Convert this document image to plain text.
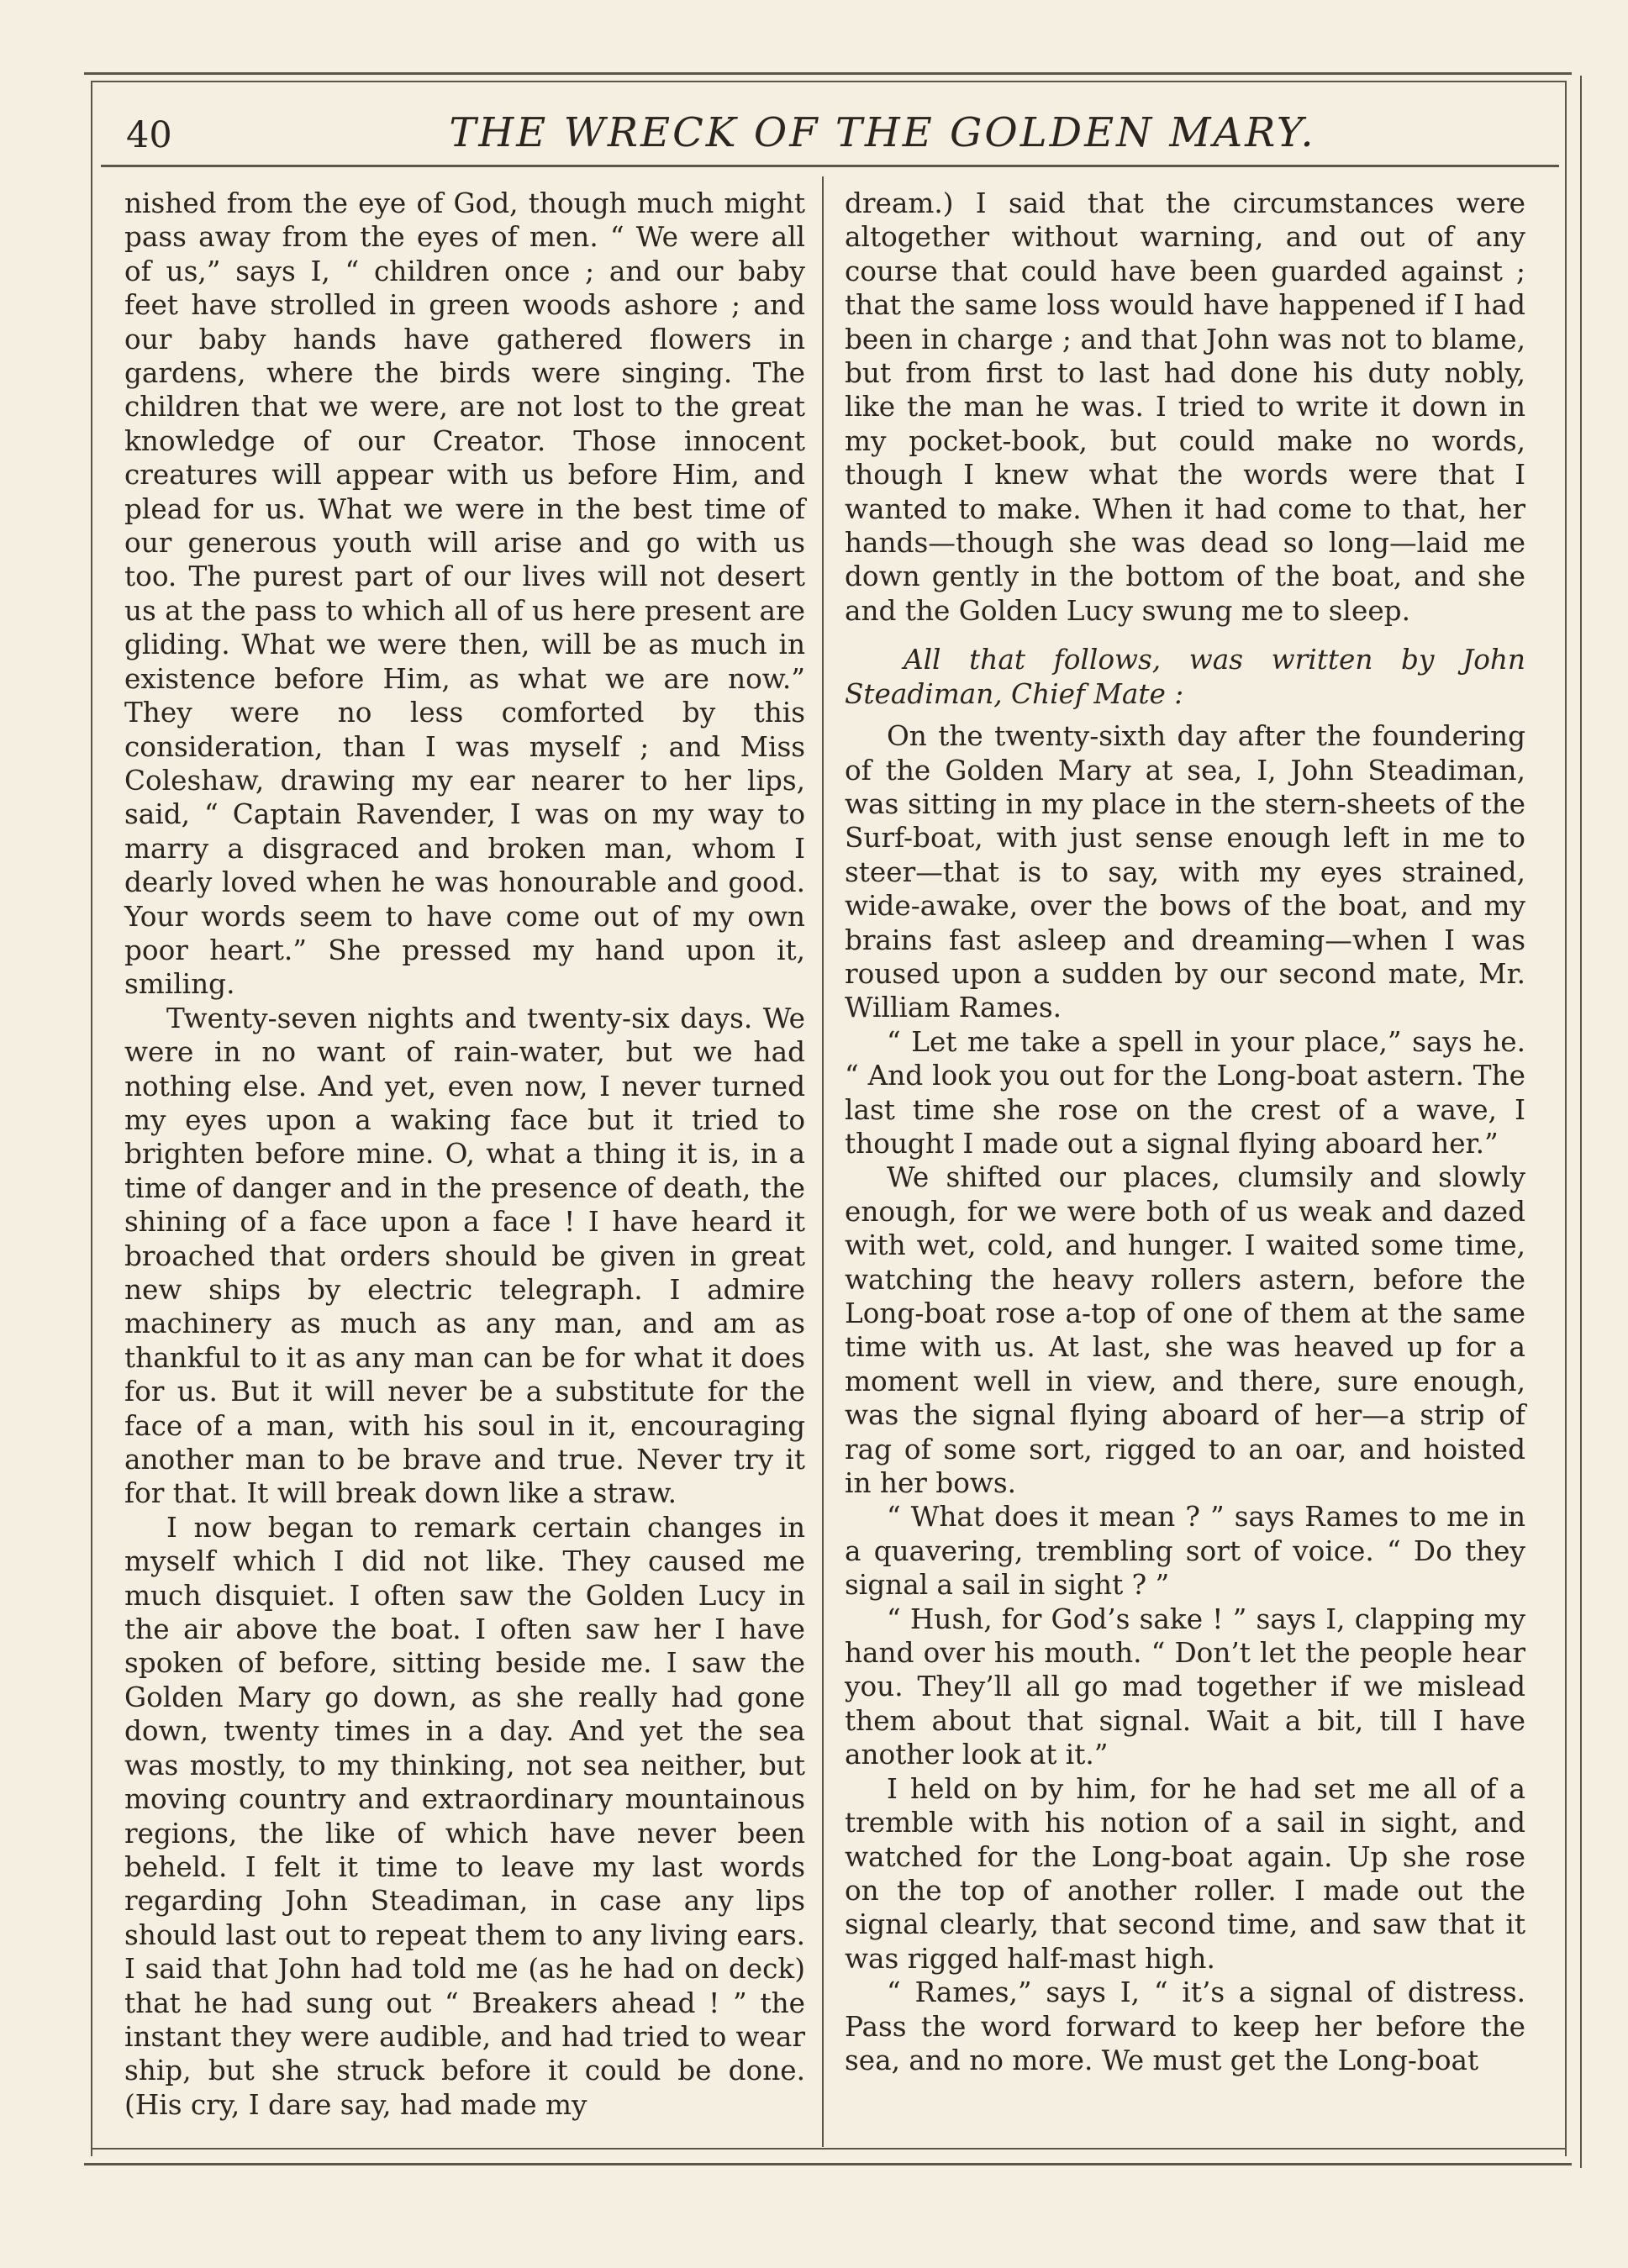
40	THE WRECK OF THE GOLDEN MARY.

nished from the eye of God, though much might pass away from the eyes of men. “ We were all of us,” says I, “ children once ; and our baby feet have strolled in green woods ashore ; and our baby hands have gathered flowers in gardens, where the birds were singing. The children that we were, are not lost to the great knowledge of our Creator. Those innocent creatures will appear with us before Him, and plead for us. What we were in the best time of our generous youth will arise and go with us too. The purest part of our lives will not desert us at the pass to which all of us here present are gliding. What we were then, will be as much in existence before Him, as what we are now.” They were no less comforted by this consideration, than I was myself ; and Miss Coleshaw, drawing my ear nearer to her lips, said, “ Captain Ravender, I was on my way to marry a disgraced and broken man, whom I dearly loved when he was honourable and good. Your words seem to have come out of my own poor heart.” She pressed my hand upon it, smiling.

Twenty-seven nights and twenty-six days. We were in no want of rain-water, but we had nothing else. And yet, even now, I never turned my eyes upon a waking face but it tried to brighten before mine. O, what a thing it is, in a time of danger and in the presence of death, the shining of a face upon a face ! I have heard it broached that orders should be given in great new ships by electric telegraph. I admire machinery as much as any man, and am as thankful to it as any man can be for what it does for us. But it will never be a substitute for the face of a man, with his soul in it, encouraging another man to be brave and true. Never try it for that. It will break down like a straw.

I now began to remark certain changes in myself which I did not like. They caused me much disquiet. I often saw the Golden Lucy in the air above the boat. I often saw her I have spoken of before, sitting beside me. I saw the Golden Mary go down, as she really had gone down, twenty times in a day. And yet the sea was mostly, to my thinking, not sea neither, but moving country and extraordinary mountainous regions, the like of which have never been beheld. I felt it time to leave my last words regarding John Steadiman, in case any lips should last out to repeat them to any living ears. I said that John had told me (as he had on deck) that he had sung out “ Breakers ahead ! ” the instant they were audible, and had tried to wear ship, but she struck before it could be done. (His cry, I dare say, had made my

dream.) I said that the circumstances were altogether without warning, and out of any course that could have been guarded against ; that the same loss would have happened if I had been in charge ; and that John was not to blame, but from first to last had done his duty nobly, like the man he was. I tried to write it down in my pocket-book, but could make no words, though I knew what the words were that I wanted to make. When it had come to that, her hands—though she was dead so long—laid me down gently in the bottom of the boat, and she and the Golden Lucy swung me to sleep.

All that follows, was written by John Steadiman, Chief Mate :

On the twenty-sixth day after the foundering of the Golden Mary at sea, I, John Steadiman, was sitting in my place in the stern-sheets of the Surf-boat, with just sense enough left in me to steer—that is to say, with my eyes strained, wide-awake, over the bows of the boat, and my brains fast asleep and dreaming—when I was roused upon a sudden by our second mate, Mr. William Rames.

“ Let me take a spell in your place,” says he. “ And look you out for the Long-boat astern. The last time she rose on the crest of a wave, I thought I made out a signal flying aboard her.”

We shifted our places, clumsily and slowly enough, for we were both of us weak and dazed with wet, cold, and hunger. I waited some time, watching the heavy rollers astern, before the Long-boat rose a-top of one of them at the same time with us. At last, she was heaved up for a moment well in view, and there, sure enough, was the signal flying aboard of her—a strip of rag of some sort, rigged to an oar, and hoisted in her bows.

“ What does it mean ? ” says Rames to me in a quavering, trembling sort of voice. “ Do they signal a sail in sight ? ”

“ Hush, for God’s sake ! ” says I, clapping my hand over his mouth. “ Don’t let the people hear you. They’ll all go mad together if we mislead them about that signal. Wait a bit, till I have another look at it.”

I held on by him, for he had set me all of a tremble with his notion of a sail in sight, and watched for the Long-boat again. Up she rose on the top of another roller. I made out the signal clearly, that second time, and saw that it was rigged half-mast high.

“ Rames,” says I, “ it’s a signal of distress. Pass the word forward to keep her before the sea, and no more. We must get the Long-boat
